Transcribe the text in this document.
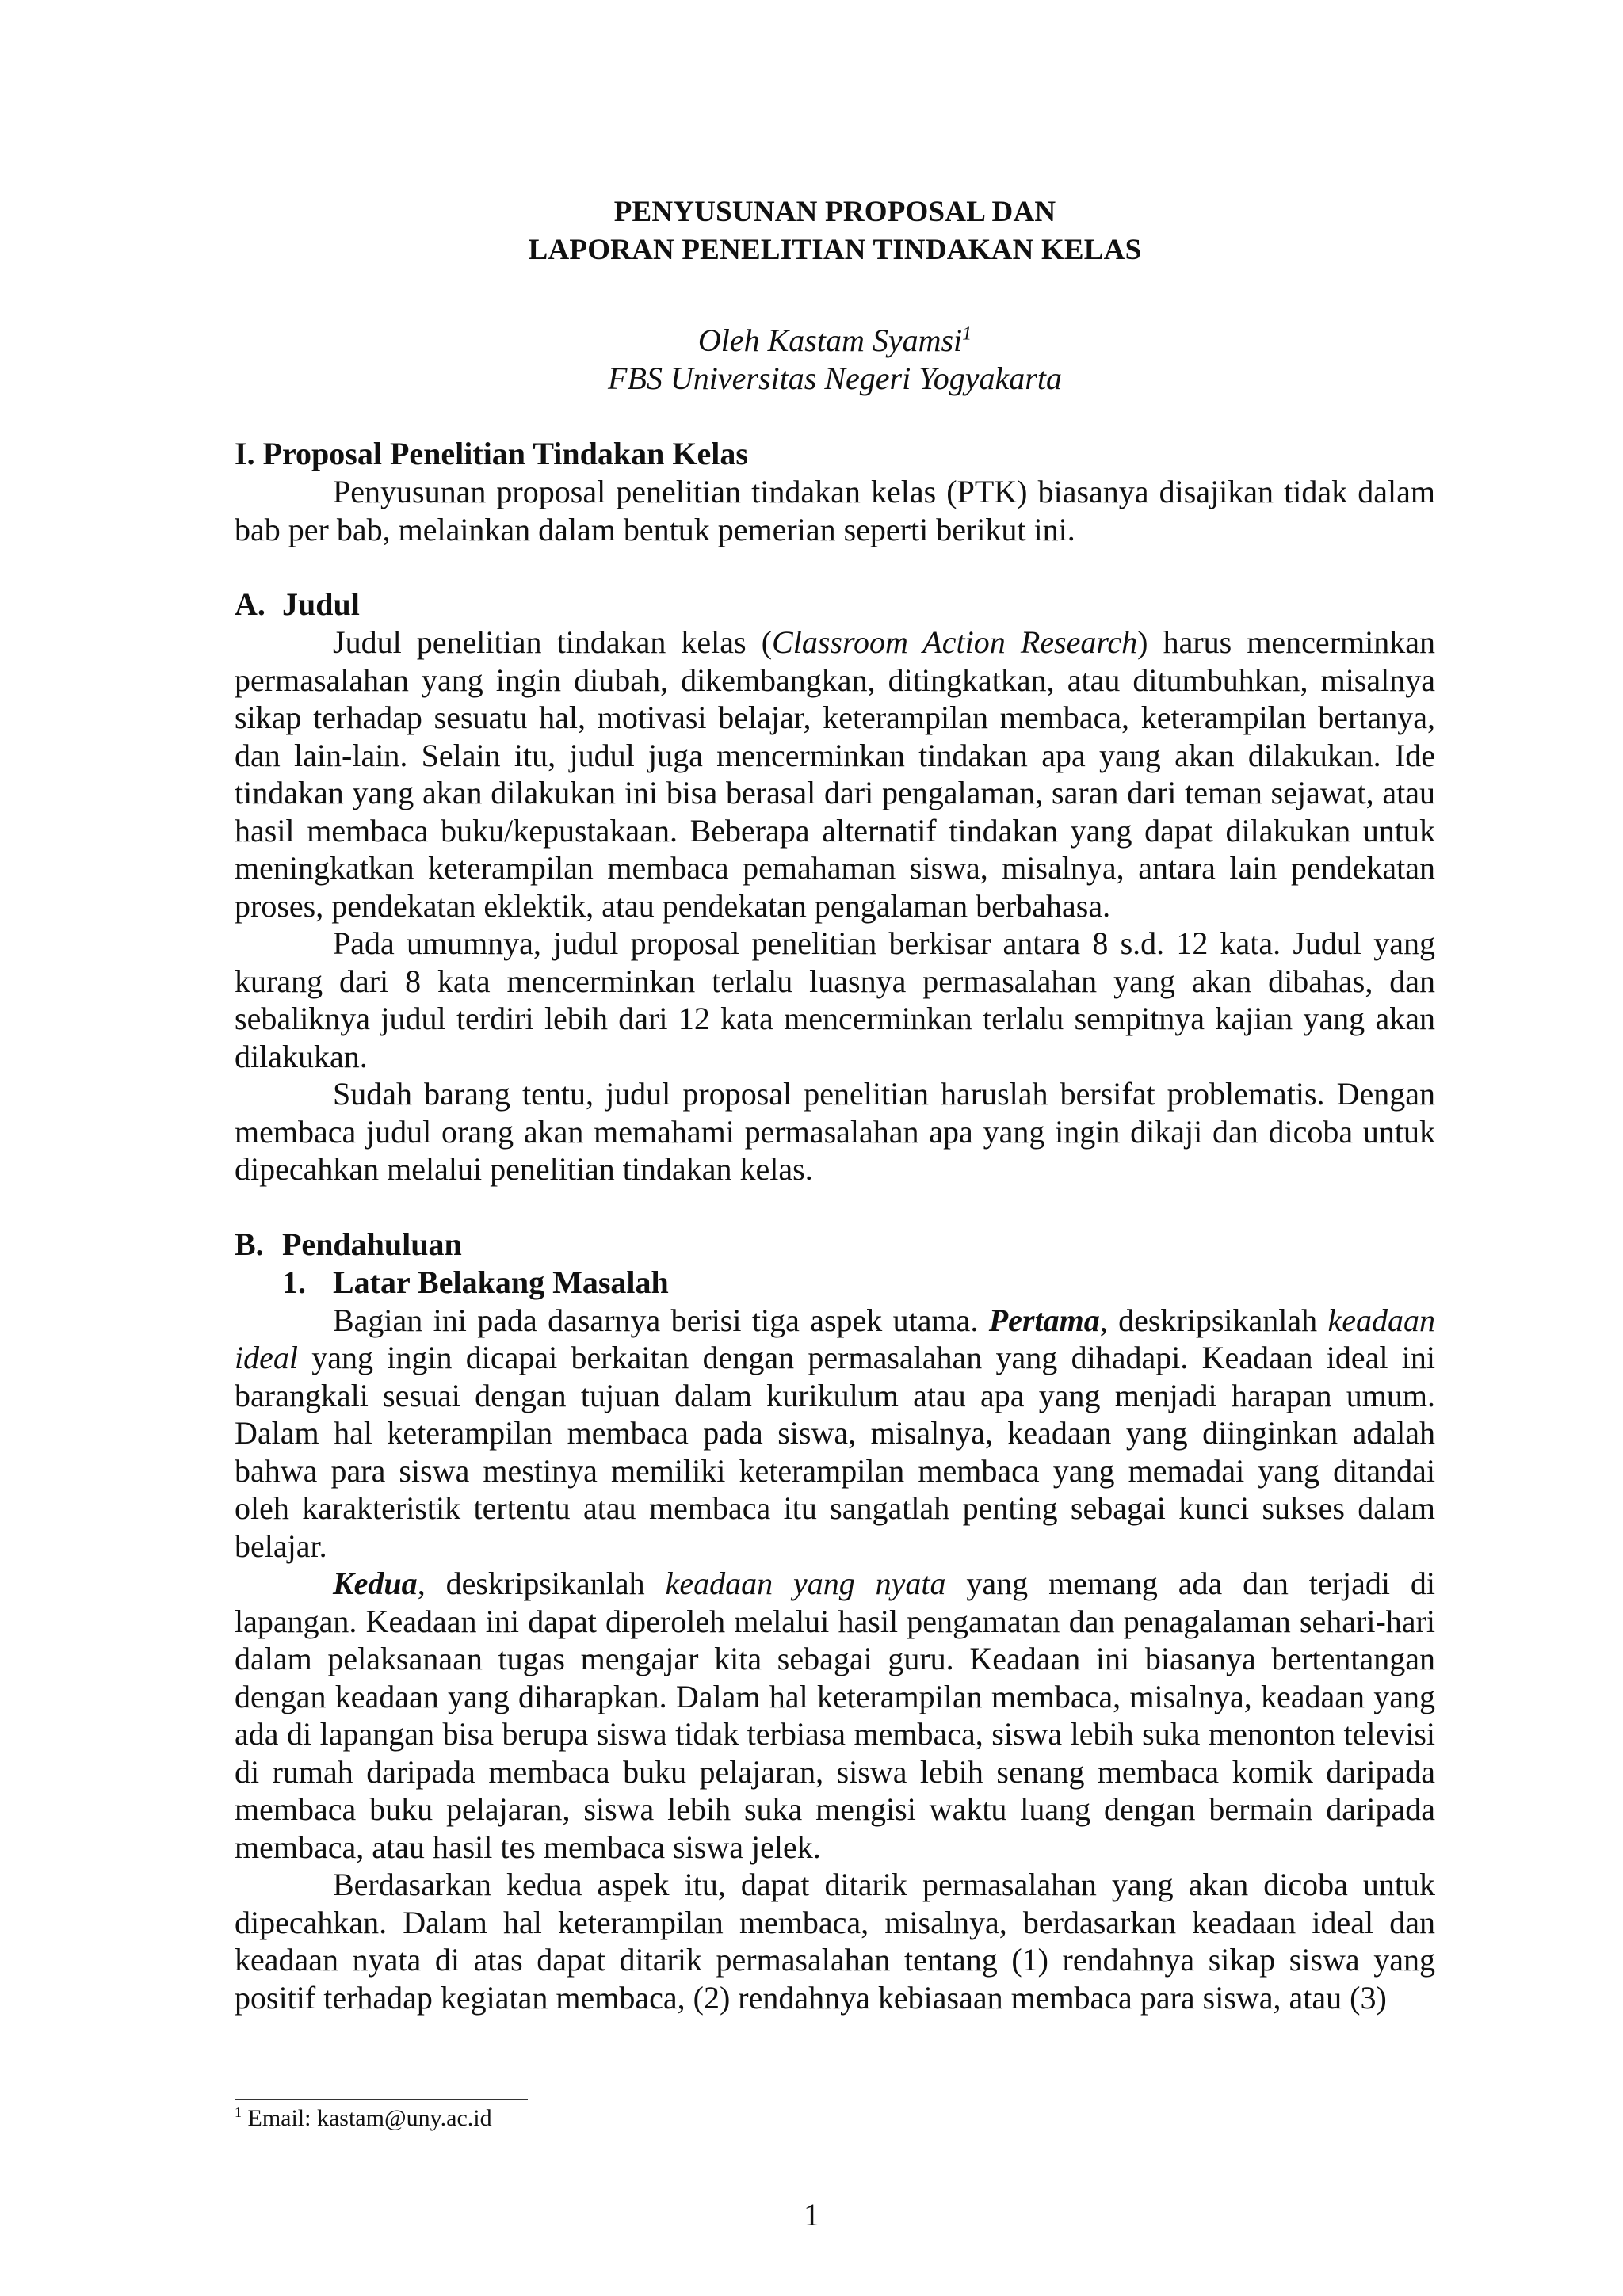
PENYUSUNAN PROPOSAL DAN

LAPORAN PENELITIAN TINDAKAN KELAS

Oleh Kastam Syamsi$^1$

FBS Universitas Negeri Yogyakarta

I. Proposal Penelitian Tindakan Kelas

Penyusunan proposal penelitian tindakan kelas (PTK) biasanya disajikan tidak dalam bab per bab, melainkan dalam bentuk pemerian seperti berikut ini.

A. Judul

Judul penelitian tindakan kelas (Classroom Action Research) harus mencerminkan permasalahan yang ingin diubah, dikembangkan, ditingkatkan, atau ditumbuhkan, misalnya sikap terhadap sesuatu hal, motivasi belajar, keterampilan membaca, keterampilan bertanya, dan lain-lain. Selain itu, judul juga mencerminkan tindakan apa yang akan dilakukan. Ide tindakan yang akan dilakukan ini bisa berasal dari pengalaman, saran dari teman sejawat, atau hasil membaca buku/kepustakaan. Beberapa alternatif tindakan yang dapat dilakukan untuk meningkatkan keterampilan membaca pemahaman siswa, misalnya, antara lain pendekatan proses, pendekatan eklektik, atau pendekatan pengalaman berbahasa.

Pada umumnya, judul proposal penelitian berkisar antara 8 s.d. 12 kata. Judul yang kurang dari 8 kata mencerminkan terlalu luasnya permasalahan yang akan dibahas, dan sebaliknya judul terdiri lebih dari 12 kata mencerminkan terlalu sempitnya kajian yang akan dilakukan.

Sudah barang tentu, judul proposal penelitian haruslah bersifat problematis. Dengan membaca judul orang akan memahami permasalahan apa yang ingin dikaji dan dicoba untuk dipecahkan melalui penelitian tindakan kelas.

B. Pendahuluan
1. Latar Belakang Masalah

Bagian ini pada dasarnya berisi tiga aspek utama. Pertama, deskripsikanlah keadaan ideal yang ingin dicapai berkaitan dengan permasalahan yang dihadapi. Keadaan ideal ini barangkali sesuai dengan tujuan dalam kurikulum atau apa yang menjadi harapan umum. Dalam hal keterampilan membaca pada siswa, misalnya, keadaan yang diinginkan adalah bahwa para siswa mestinya memiliki keterampilan membaca yang memadai yang ditandai oleh karakteristik tertentu atau membaca itu sangatlah penting sebagai kunci sukses dalam belajar.

Kedua, deskripsikanlah keadaan yang nyata yang memang ada dan terjadi di lapangan. Keadaan ini dapat diperoleh melalui hasil pengamatan dan penagalaman sehari-hari dalam pelaksanaan tugas mengajar kita sebagai guru. Keadaan ini biasanya bertentangan dengan keadaan yang diharapkan. Dalam hal keterampilan membaca, misalnya, keadaan yang ada di lapangan bisa berupa siswa tidak terbiasa membaca, siswa lebih suka menonton televisi di rumah daripada membaca buku pelajaran, siswa lebih senang membaca komik daripada membaca buku pelajaran, siswa lebih suka mengisi waktu luang dengan bermain daripada membaca, atau hasil tes membaca siswa jelek.

Berdasarkan kedua aspek itu, dapat ditarik permasalahan yang akan dicoba untuk dipecahkan. Dalam hal keterampilan membaca, misalnya, berdasarkan keadaan ideal dan keadaan nyata di atas dapat ditarik permasalahan tentang (1) rendahnya sikap siswa yang positif terhadap kegiatan membaca, (2) rendahnya kebiasaan membaca para siswa, atau (3)

$^1$ Email: kastam@uny.ac.id
1
